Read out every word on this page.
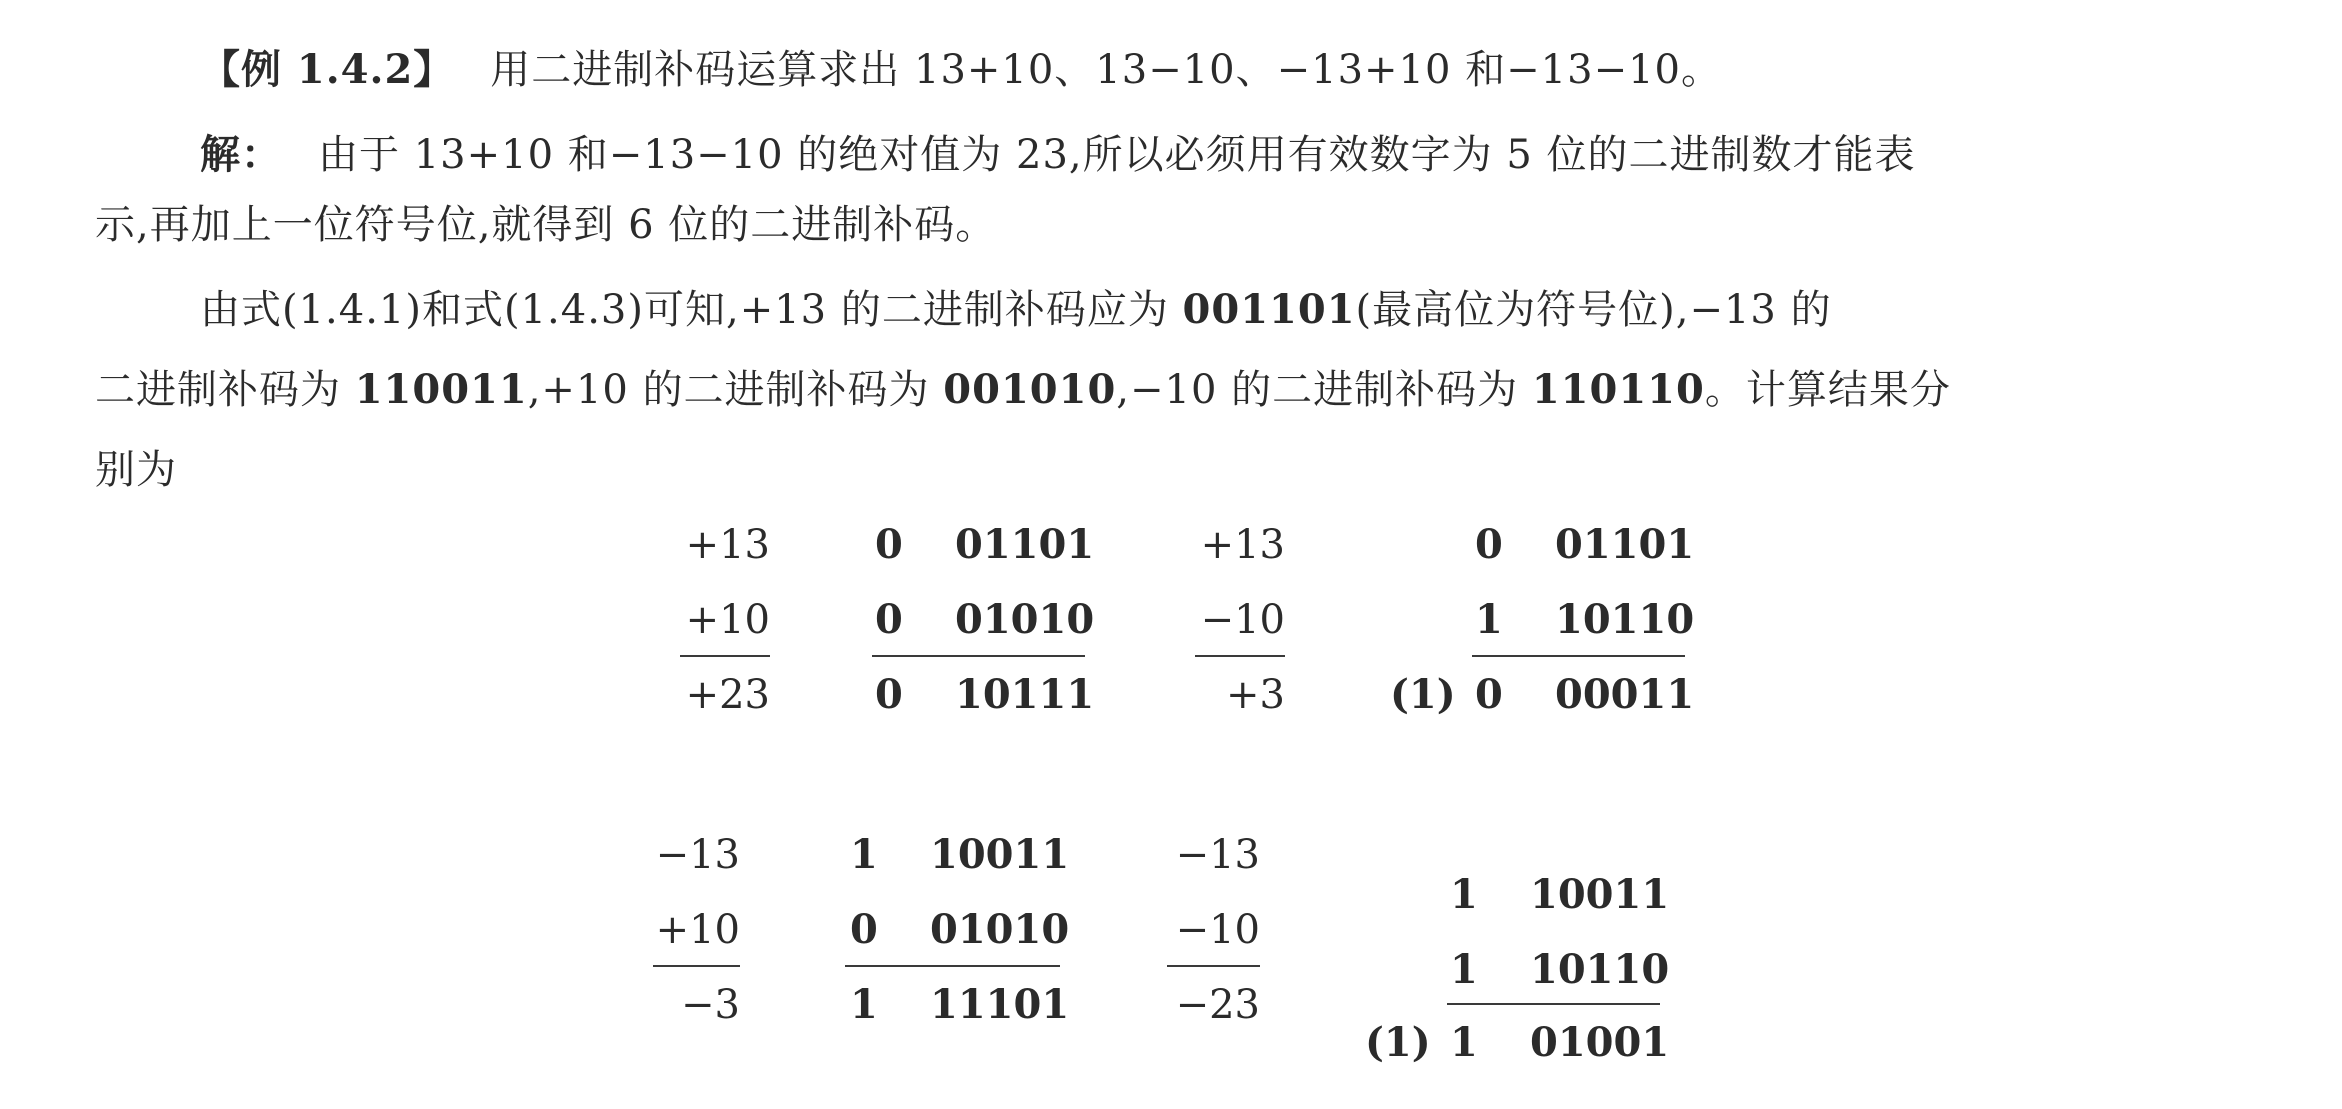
【例 1.4.2】 用二进制补码运算求出 13+10、13−10、−13+10 和−13−10。
解： 由于 13+10 和−13−10 的绝对值为 23,所以必须用有效数字为 5 位的二进制数才能表
示,再加上一位符号位,就得到 6 位的二进制补码。
由式(1.4.1)和式(1.4.3)可知,+13 的二进制补码应为 001101(最高位为符号位),−13 的
二进制补码为 110011,+10 的二进制补码为 001010,−10 的二进制补码为 110110。计算结果分
别为
+13
+10
+23
0 01101
0 01010
0 10111
+13
−10
+3
0 01101
1 10110
(1) 0 00011
−13
+10
−3
1 10011
0 01010
1 11101
−13
−10
−23
1 10011
1 10110
(1) 1 01001
